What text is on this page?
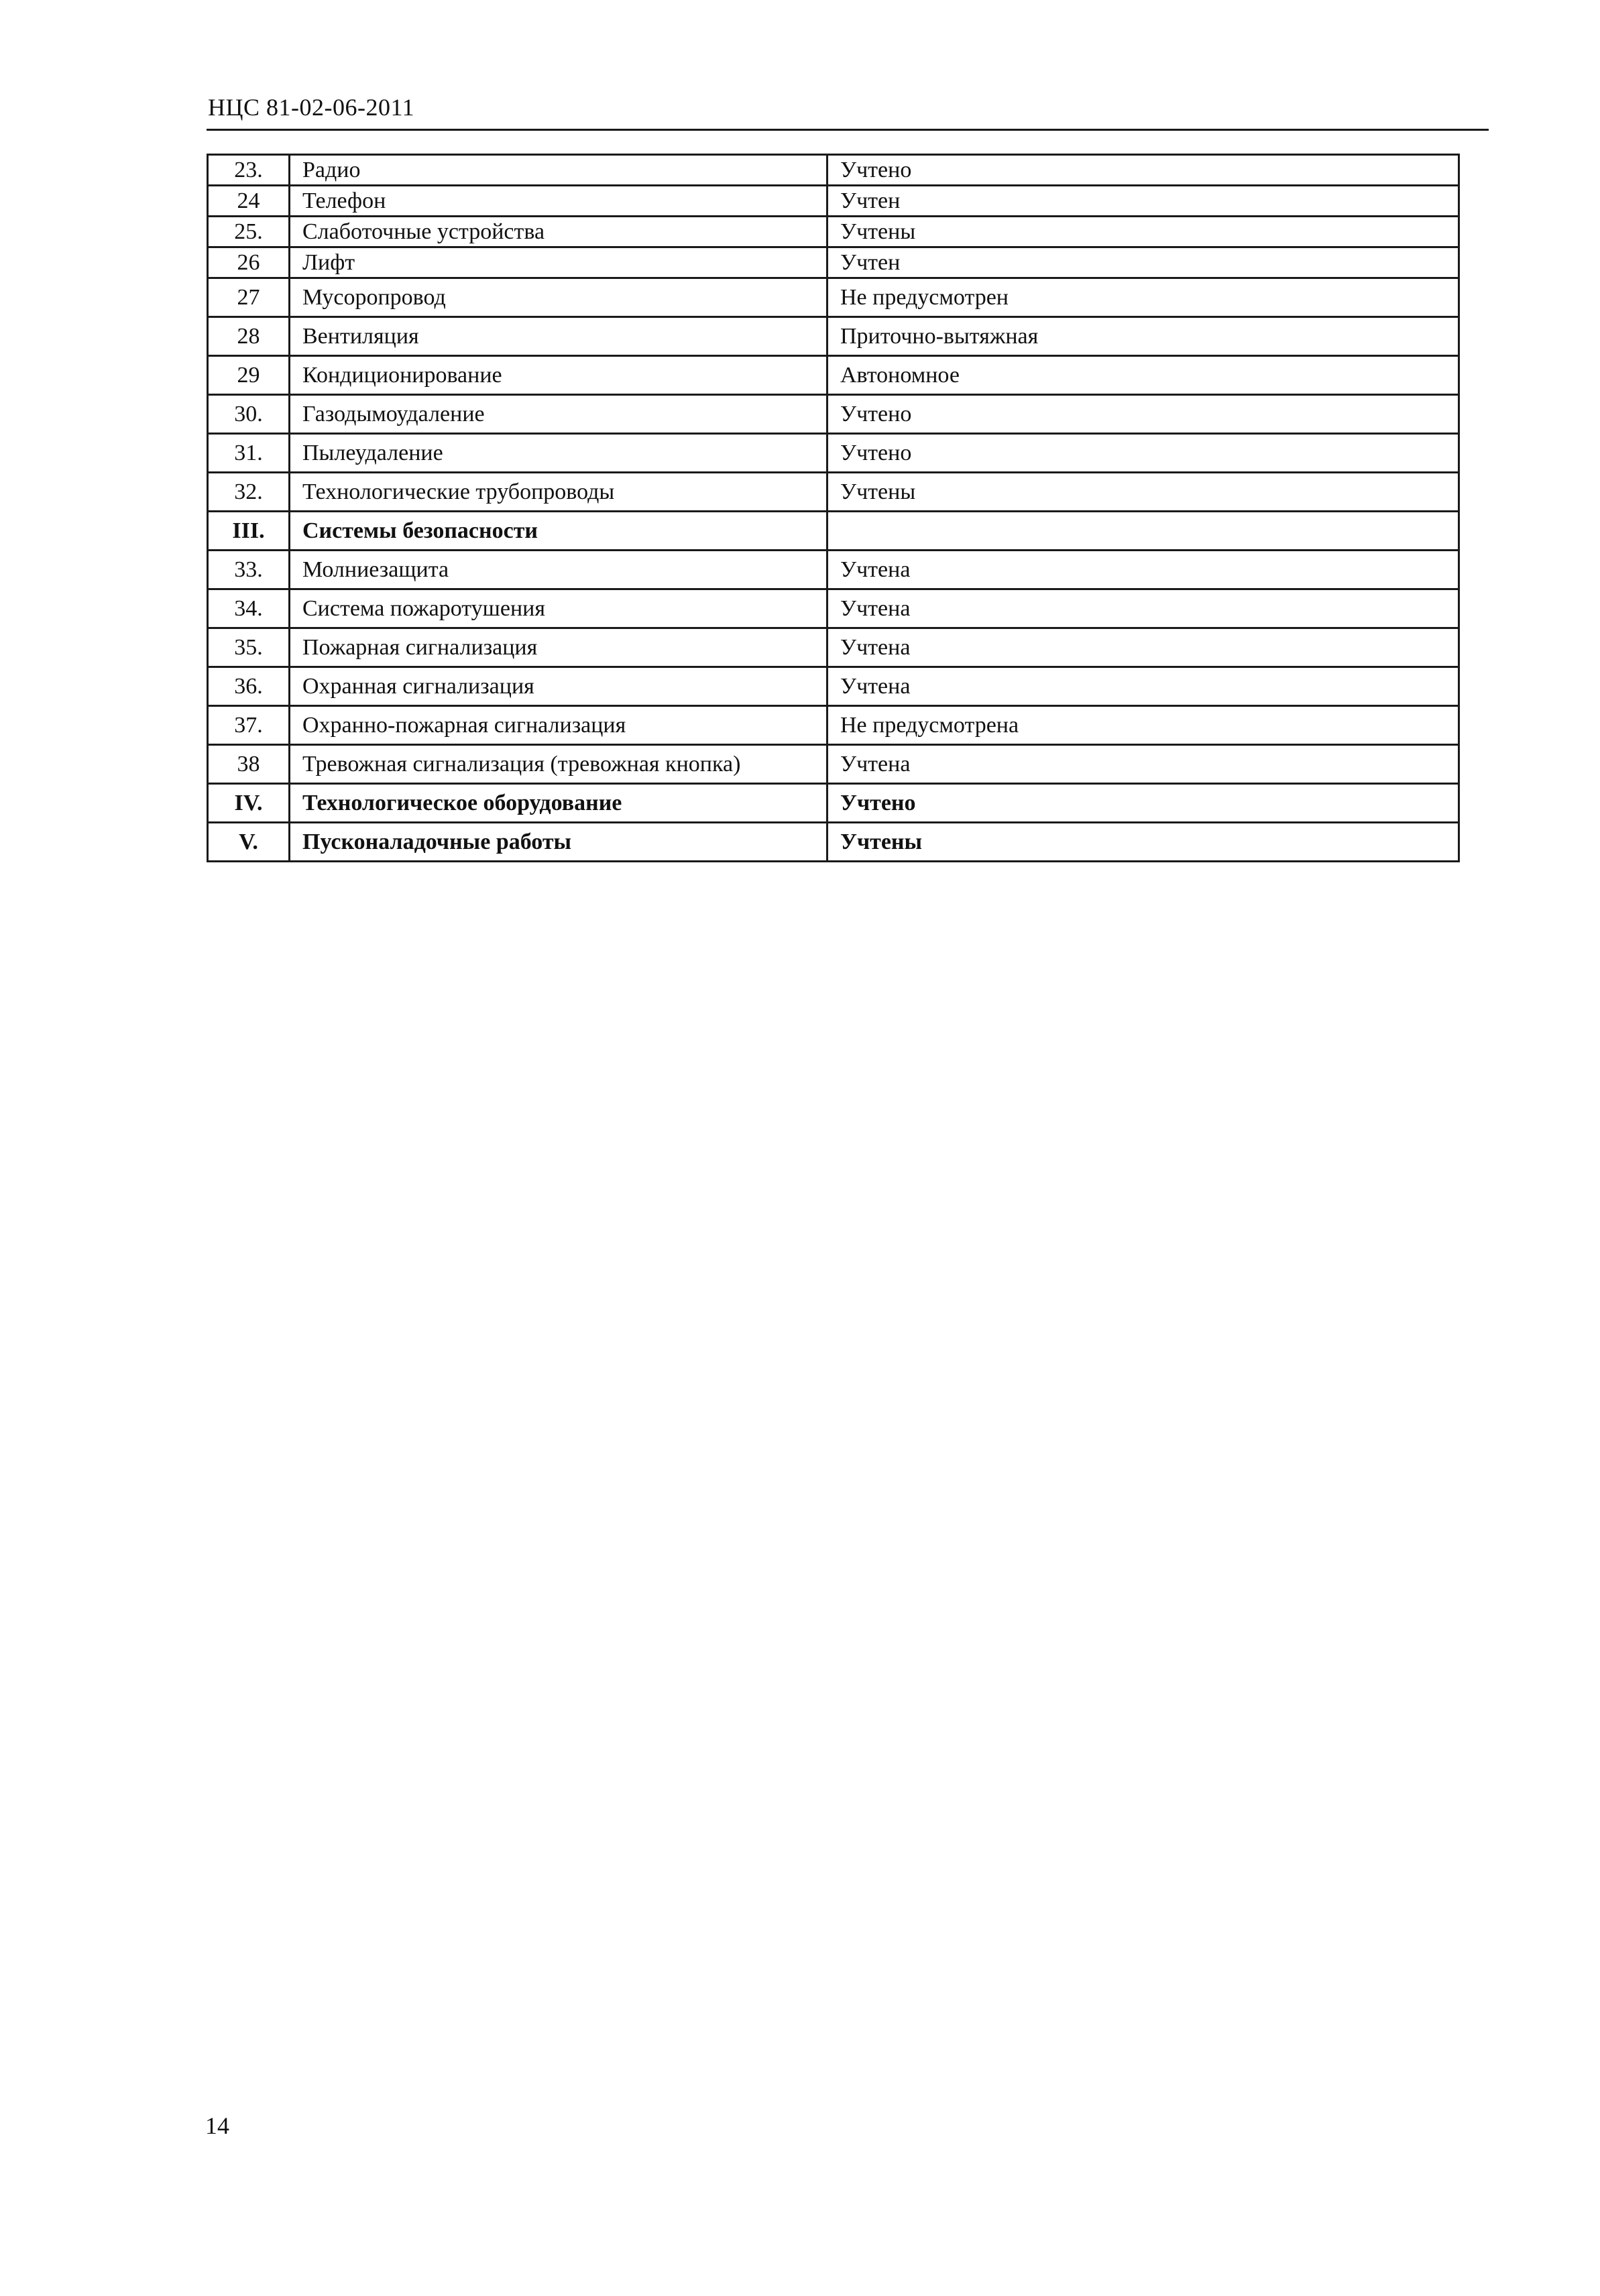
НЦС 81-02-06-2011
23.	Радио	Учтено
24	Телефон	Учтен
25.	Слаботочные устройства	Учтены
26	Лифт	Учтен
27	Мусоропровод	Не предусмотрен
28	Вентиляция	Приточно-вытяжная
29	Кондиционирование	Автономное
30.	Газодымоудаление	Учтено
31.	Пылеудаление	Учтено
32.	Технологические трубопроводы	Учтены
III.	Системы безопасности	
33.	Молниезащита	Учтена
34.	Система пожаротушения	Учтена
35.	Пожарная сигнализация	Учтена
36.	Охранная сигнализация	Учтена
37.	Охранно-пожарная сигнализация	Не предусмотрена
38	Тревожная сигнализация (тревожная кнопка)	Учтена
IV.	Технологическое оборудование	Учтено
V.	Пусконаладочные работы	Учтены
14
